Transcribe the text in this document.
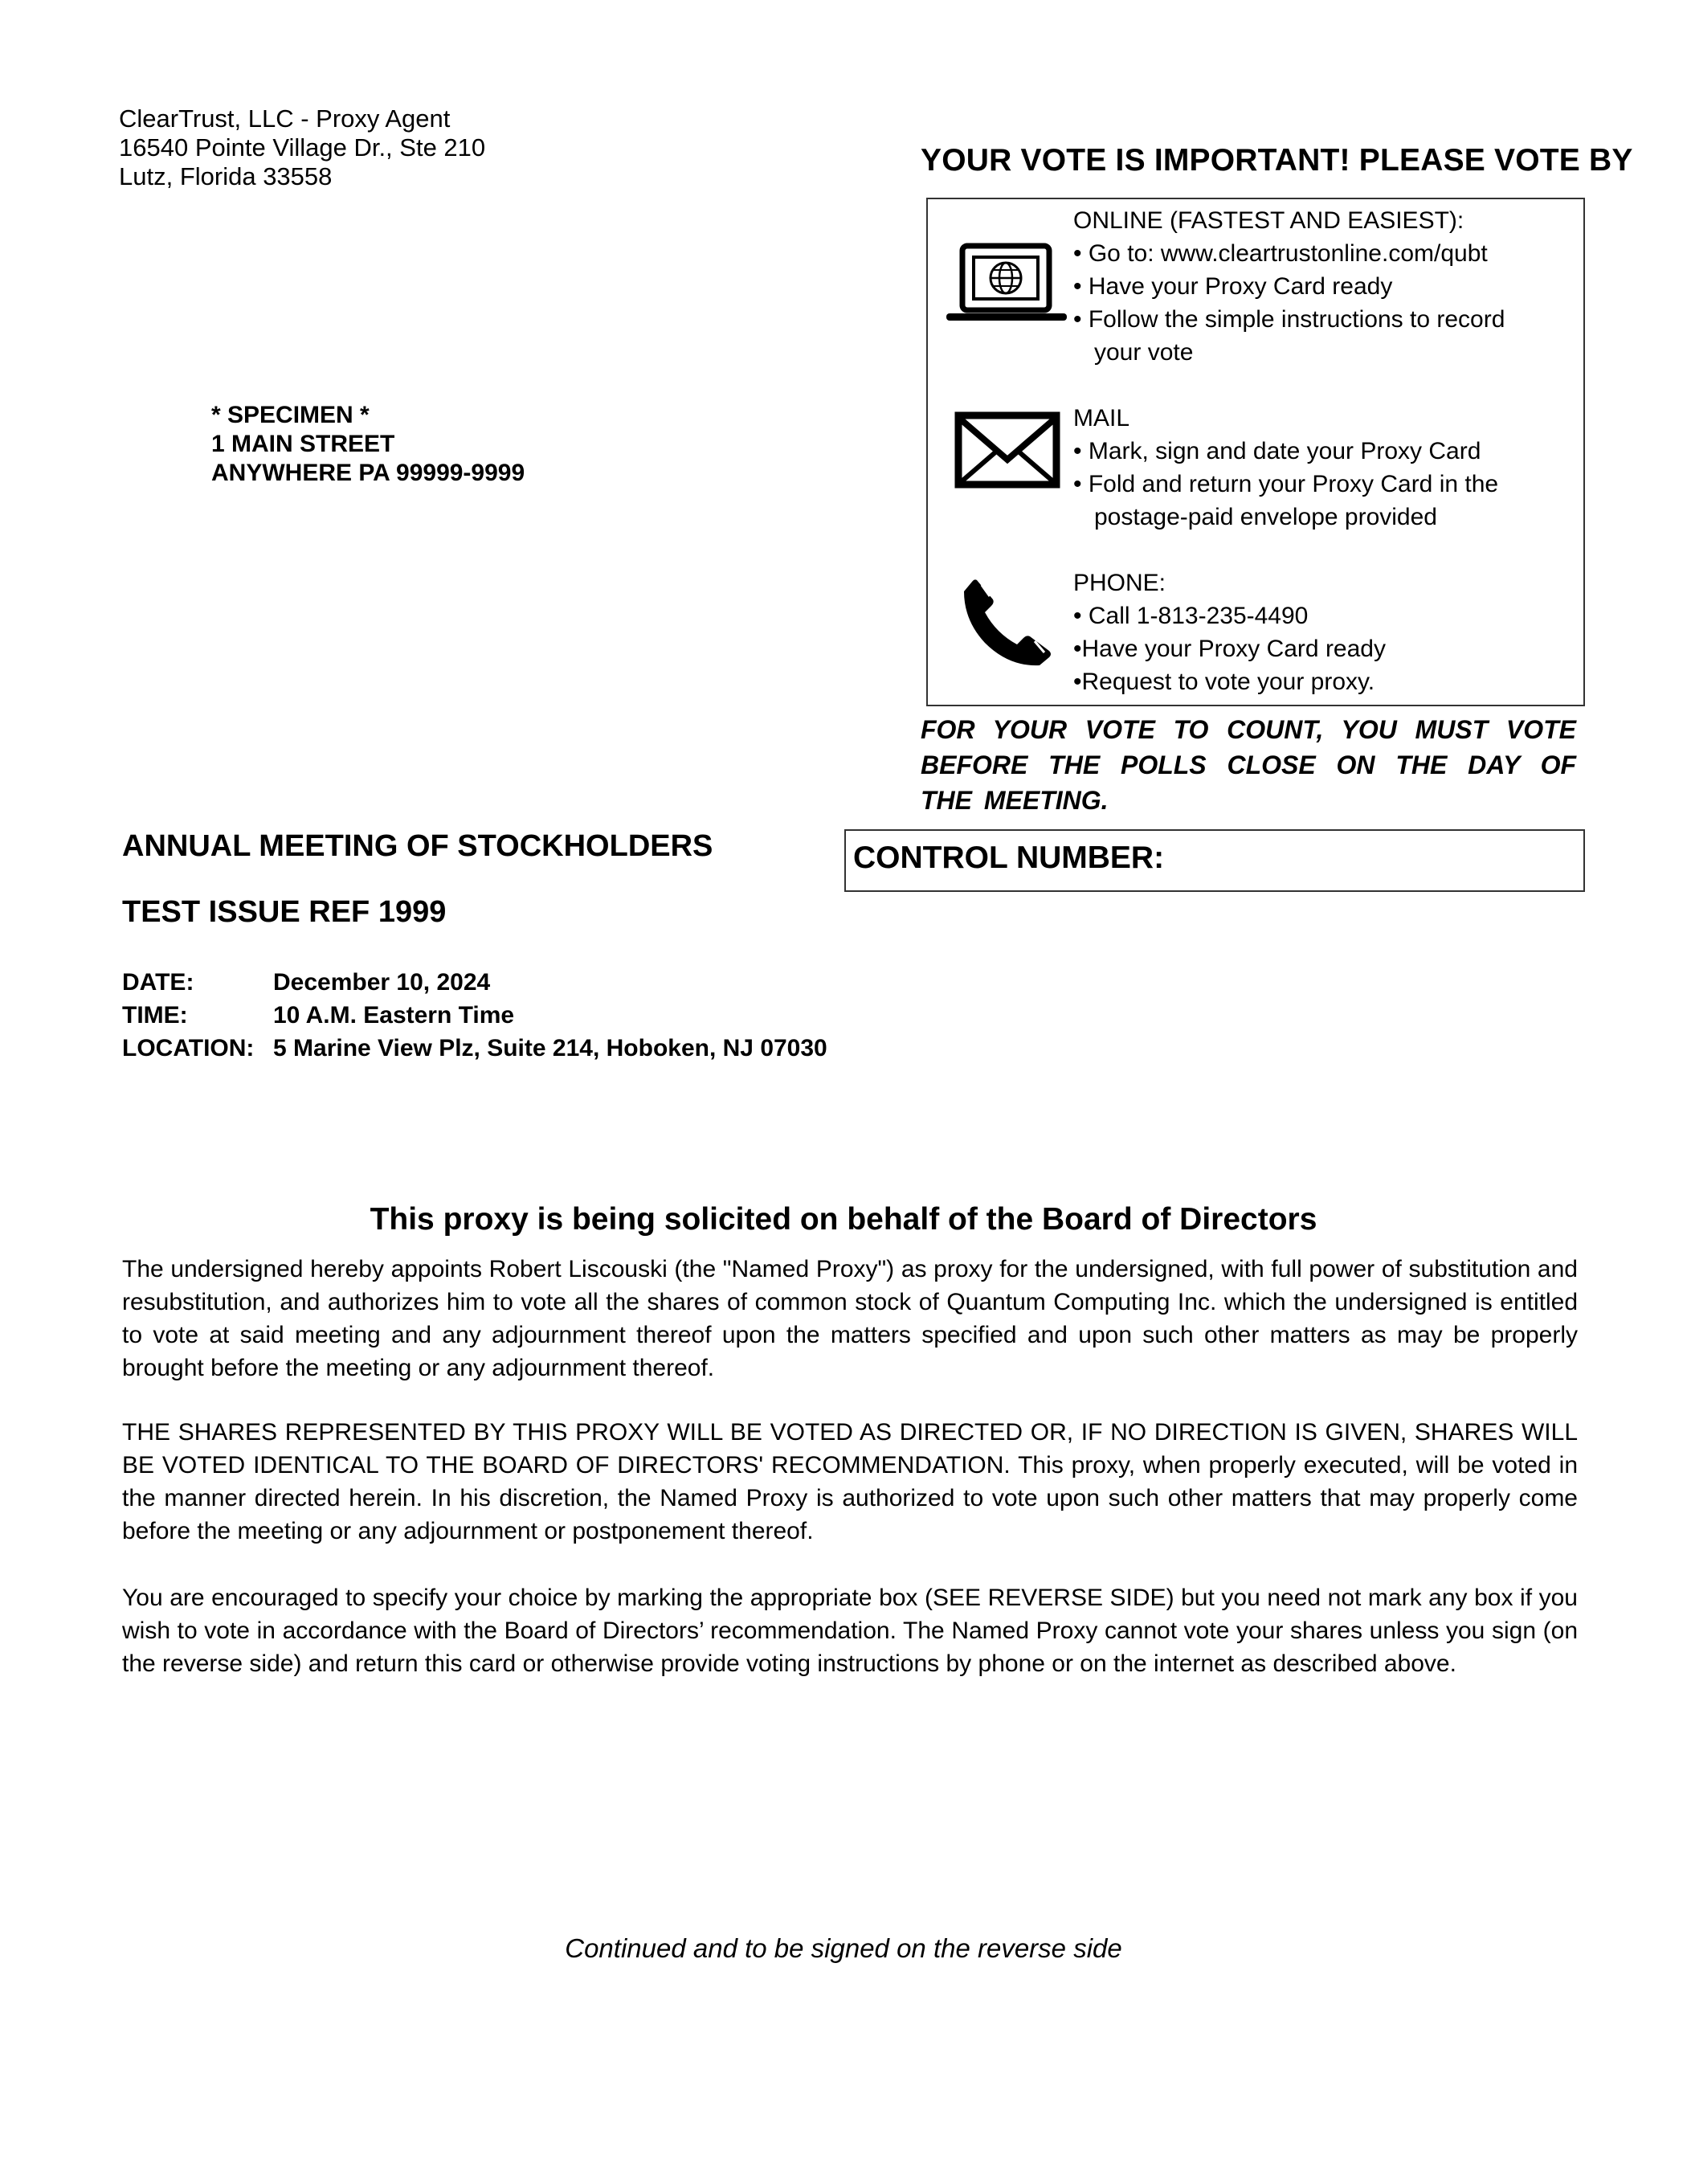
ClearTrust, LLC - Proxy Agent
16540 Pointe Village Dr., Ste 210
Lutz, Florida 33558
* SPECIMEN *
1 MAIN STREET
ANYWHERE PA 99999-9999
YOUR VOTE IS IMPORTANT! PLEASE VOTE BY
ONLINE (FASTEST AND EASIEST):
• Go to: www.cleartrustonline.com/qubt
• Have your Proxy Card ready
• Follow the simple instructions to record
your vote
MAIL
• Mark, sign and date your Proxy Card
• Fold and return your Proxy Card in the
postage-paid envelope provided
PHONE:
• Call 1-813-235-4490
•Have your Proxy Card ready
•Request to vote your proxy.
FOR YOUR VOTE TO COUNT, YOU MUST VOTE BEFORE THE POLLS CLOSE ON THE DAY OF THE MEETING.
CONTROL NUMBER:
ANNUAL MEETING OF STOCKHOLDERS
TEST ISSUE REF 1999
DATE:	December 10, 2024
TIME:	10 A.M. Eastern Time
LOCATION: 5 Marine View Plz, Suite 214, Hoboken, NJ 07030
This proxy is being solicited on behalf of the Board of Directors
The undersigned hereby appoints Robert Liscouski (the "Named Proxy") as proxy for the undersigned, with full power of substitution and resubstitution, and authorizes him to vote all the shares of common stock of Quantum Computing Inc. which the undersigned is entitled to vote at said meeting and any adjournment thereof upon the matters specified and upon such other matters as may be properly brought before the meeting or any adjournment thereof.
THE SHARES REPRESENTED BY THIS PROXY WILL BE VOTED AS DIRECTED OR, IF NO DIRECTION IS GIVEN, SHARES WILL BE VOTED IDENTICAL TO THE BOARD OF DIRECTORS' RECOMMENDATION. This proxy, when properly executed, will be voted in the manner directed herein. In his discretion, the Named Proxy is authorized to vote upon such other matters that may properly come before the meeting or any adjournment or postponement thereof.
You are encouraged to specify your choice by marking the appropriate box (SEE REVERSE SIDE) but you need not mark any box if you wish to vote in accordance with the Board of Directors’ recommendation. The Named Proxy cannot vote your shares unless you sign (on the reverse side) and return this card or otherwise provide voting instructions by phone or on the internet as described above.
Continued and to be signed on the reverse side
